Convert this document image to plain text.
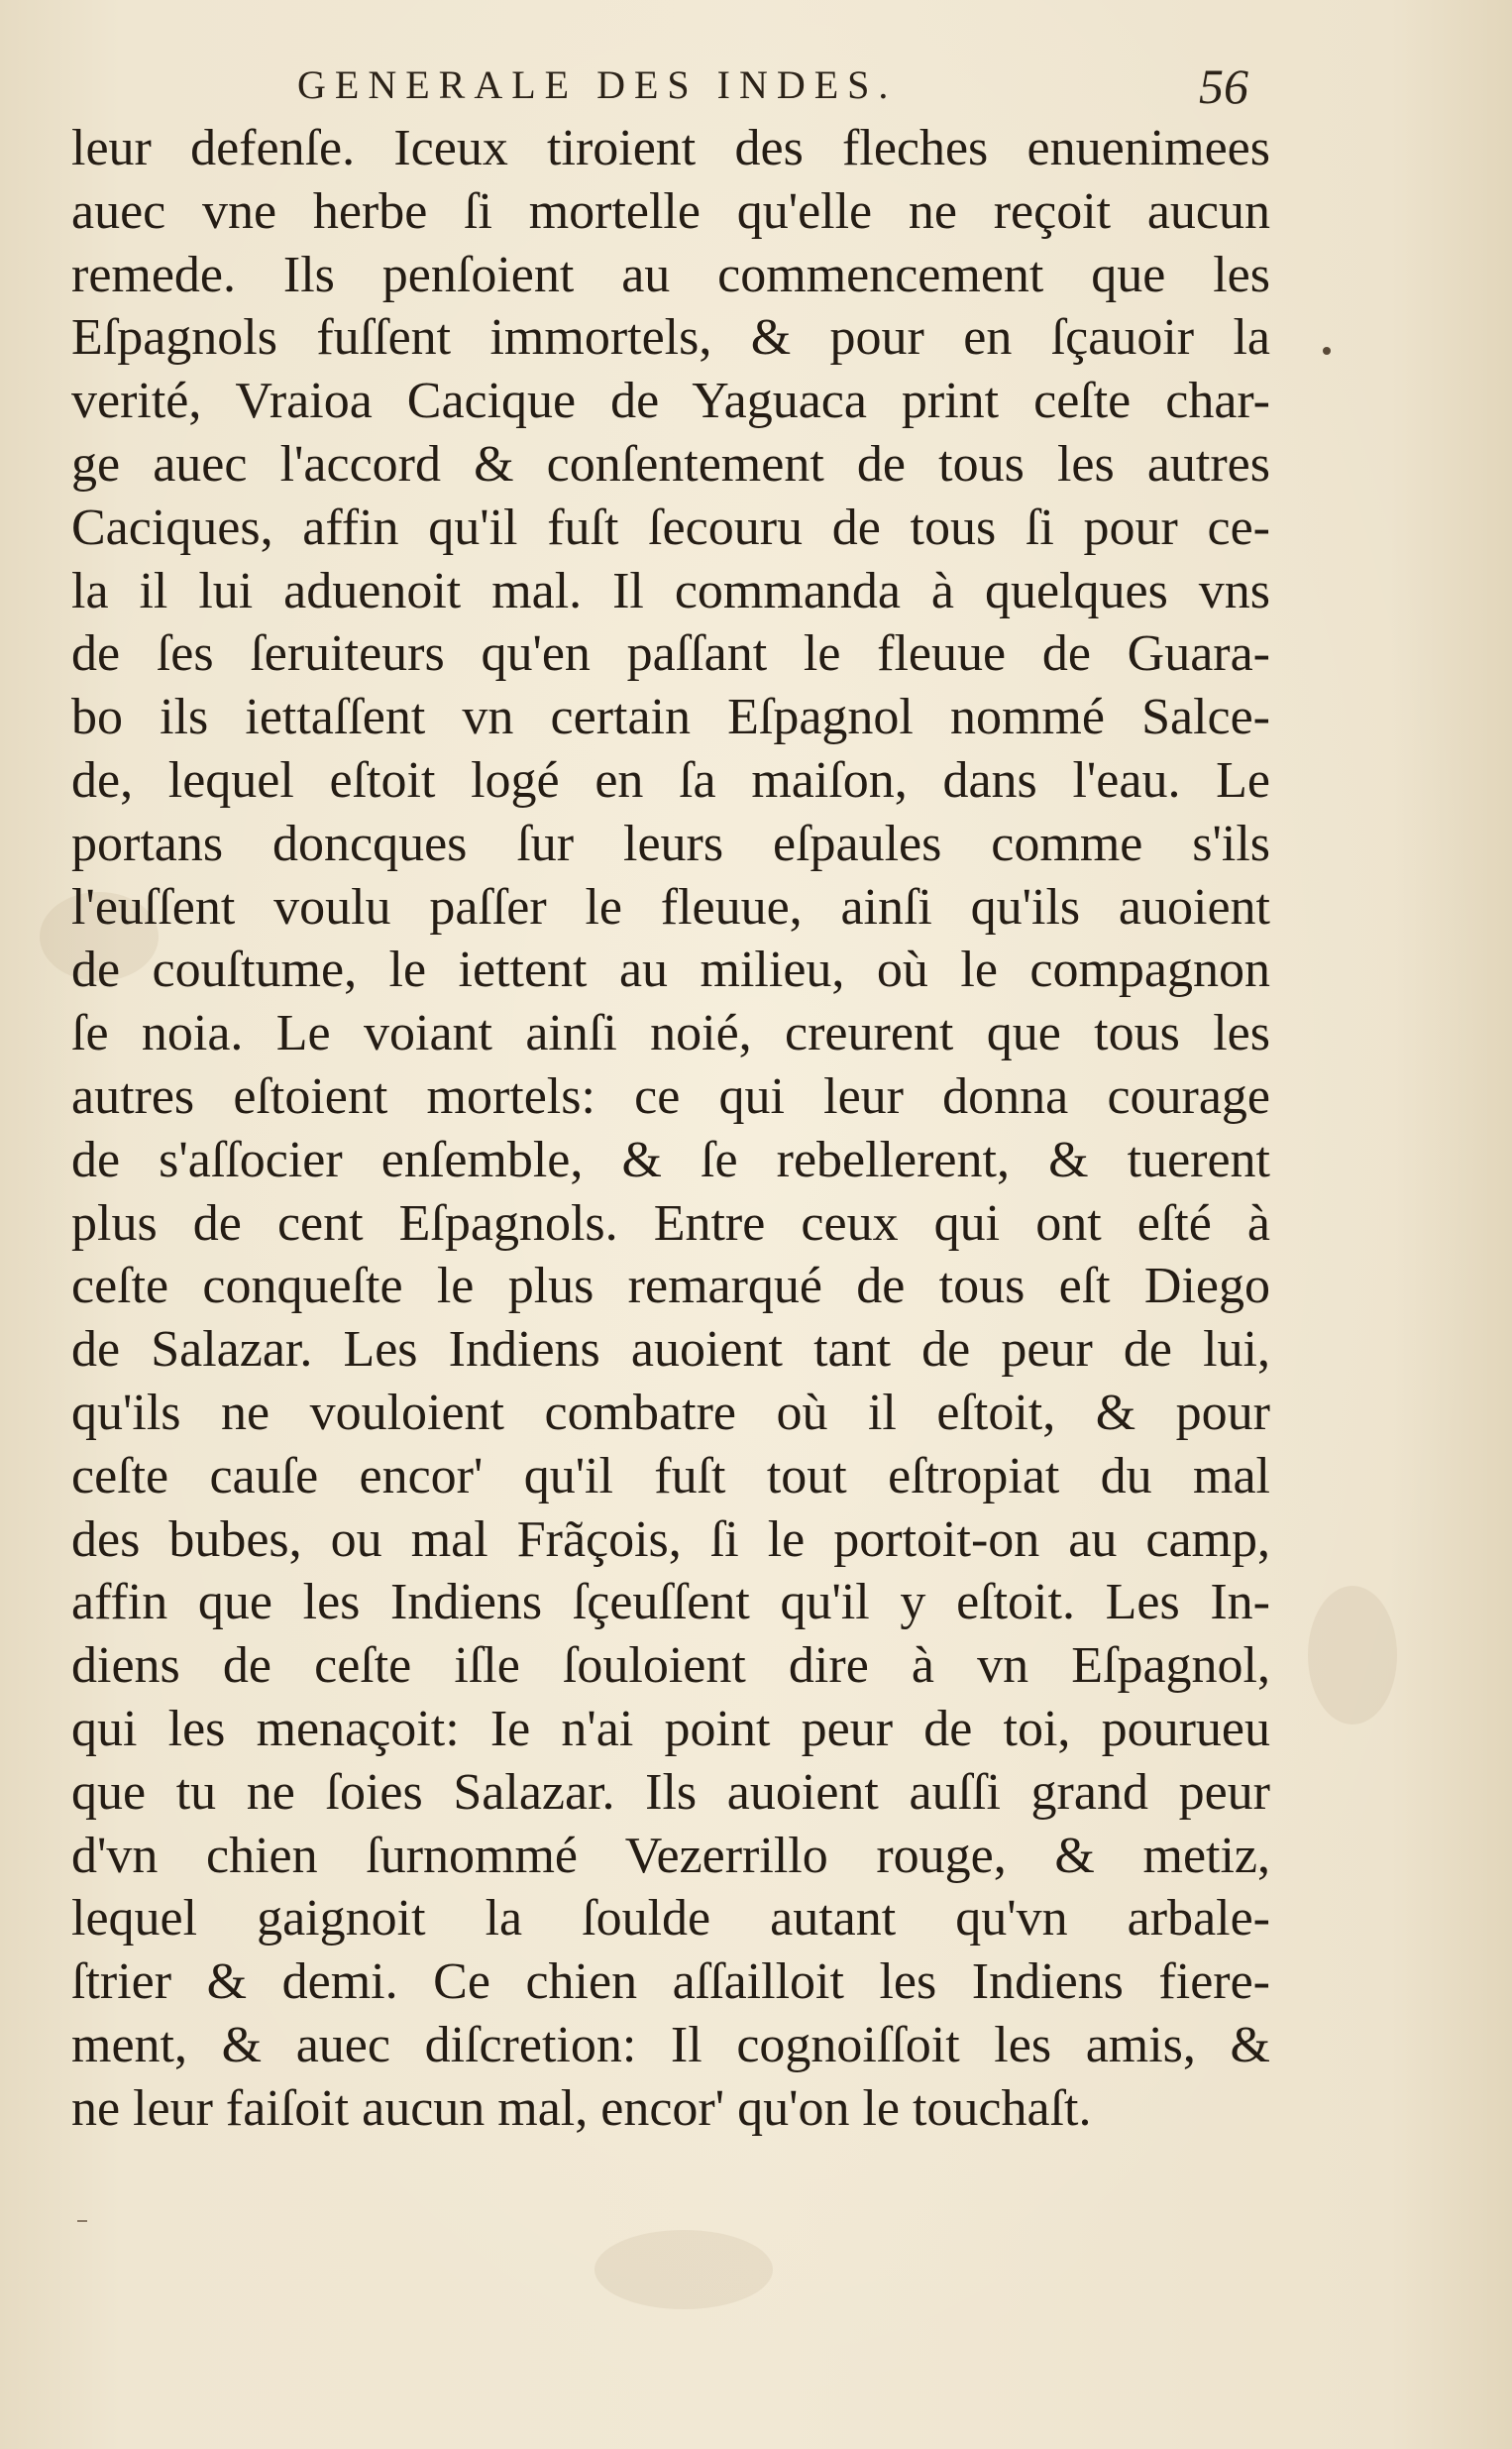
GENERALE DES INDES.	56
leur defenſe. Iceux tiroient des fleches enuenimees
auec vne herbe ſi mortelle qu'elle ne reçoit aucun
remede. Ils penſoient au commencement que les
Eſpagnols fuſſent immortels, & pour en ſçauoir la
verité, Vraioa Cacique de Yaguaca print ceſte char-
ge auec l'accord & conſentement de tous les autres
Caciques, affin qu'il fuſt ſecouru de tous ſi pour ce-
la il lui aduenoit mal. Il commanda à quelques vns
de ſes ſeruiteurs qu'en paſſant le fleuue de Guara-
bo ils iettaſſent vn certain Eſpagnol nommé Salce-
de, lequel eſtoit logé en ſa maiſon, dans l'eau. Le
portans doncques ſur leurs eſpaules comme s'ils
l'euſſent voulu paſſer le fleuue, ainſi qu'ils auoient
de couſtume, le iettent au milieu, où le compagnon
ſe noia. Le voiant ainſi noié, creurent que tous les
autres eſtoient mortels: ce qui leur donna courage
de s'aſſocier enſemble, & ſe rebellerent, & tuerent
plus de cent Eſpagnols. Entre ceux qui ont eſté à
ceſte conqueſte le plus remarqué de tous eſt Diego
de Salazar. Les Indiens auoient tant de peur de lui,
qu'ils ne vouloient combatre où il eſtoit, & pour
ceſte cauſe encor' qu'il fuſt tout eſtropiat du mal
des bubes, ou mal Frãçois, ſi le portoit-on au camp,
affin que les Indiens ſçeuſſent qu'il y eſtoit. Les In-
diens de ceſte iſle ſouloient dire à vn Eſpagnol,
qui les menaçoit: Ie n'ai point peur de toi, pourueu
que tu ne ſoies Salazar. Ils auoient auſſi grand peur
d'vn chien ſurnommé Vezerrillo rouge, & metiz,
lequel gaignoit la ſoulde autant qu'vn arbale-
ſtrier & demi. Ce chien aſſailloit les Indiens fiere-
ment, & auec diſcretion: Il cognoiſſoit les amis, &
ne leur faiſoit aucun mal, encor' qu'on le touchaſt.
